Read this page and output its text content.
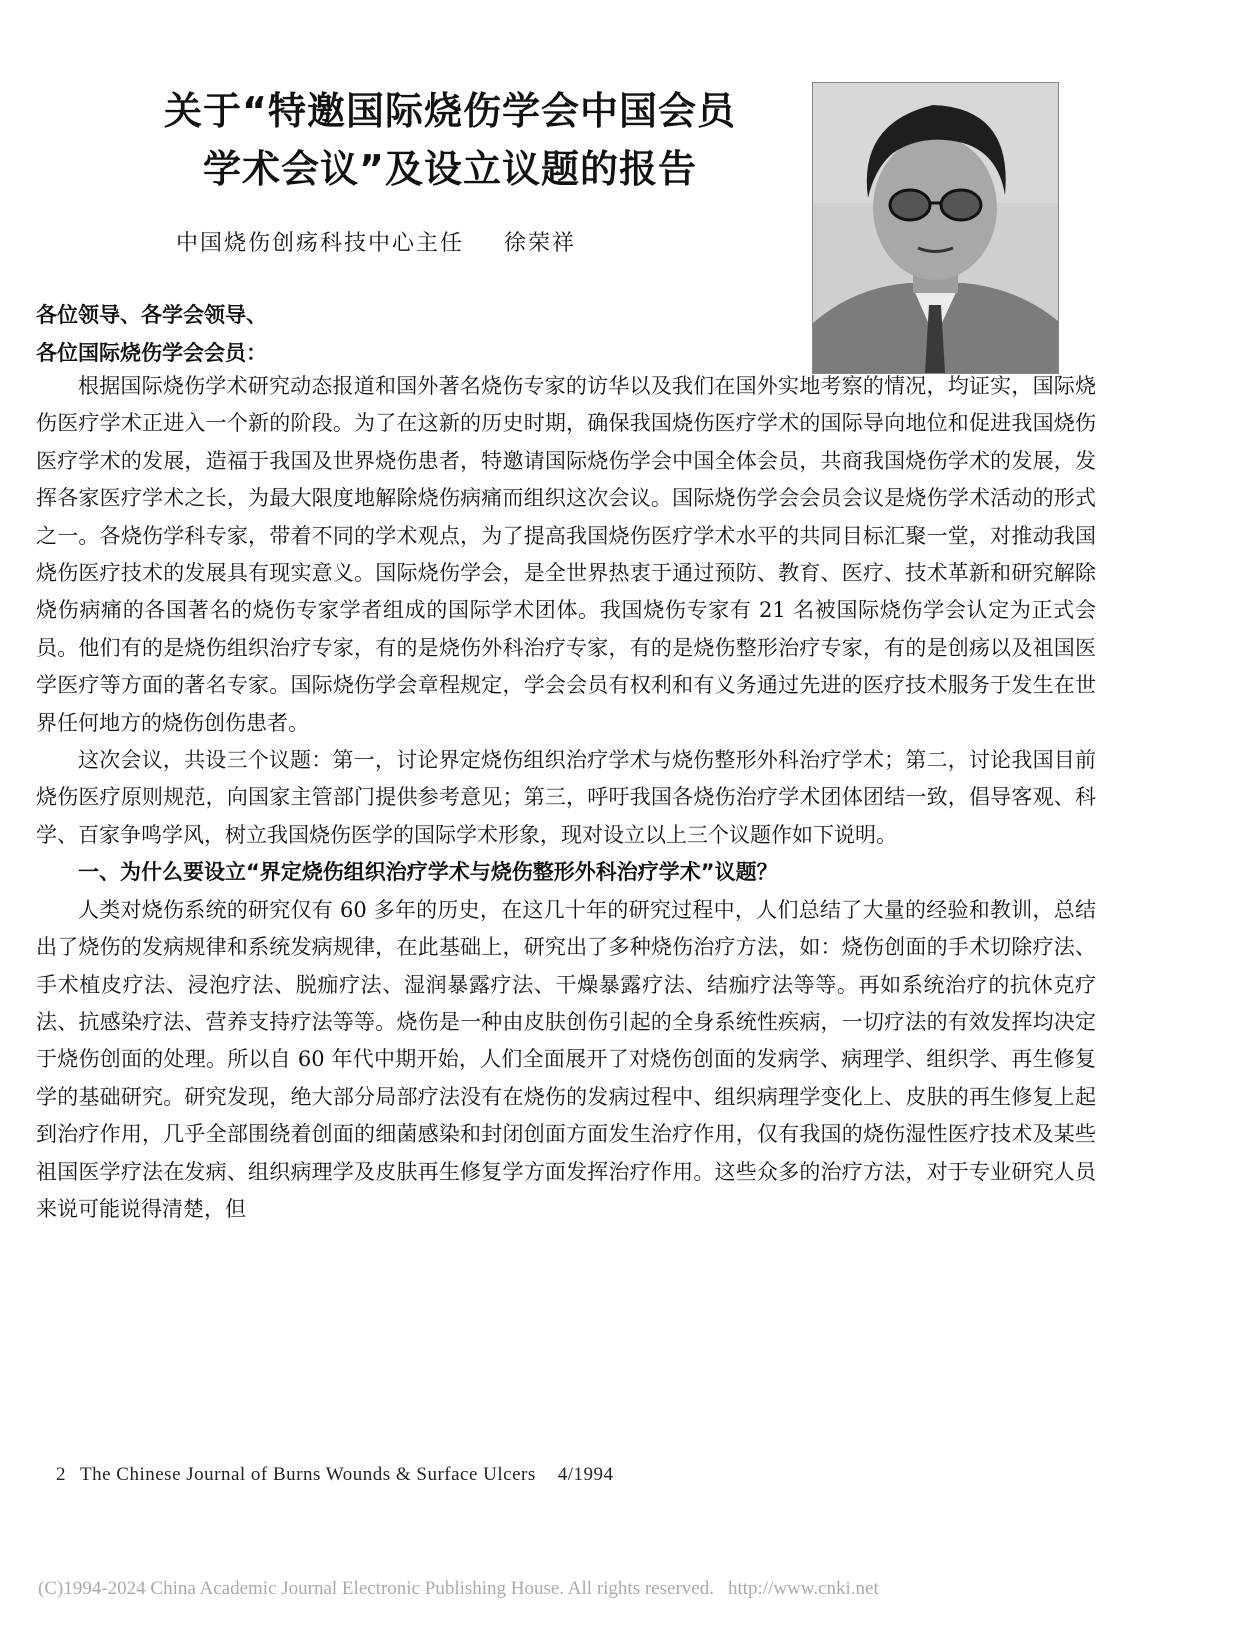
关于“特邀国际烧伤学会中国会员
学术会议”及设立议题的报告
中国烧伤创疡科技中心主任 徐荣祥
各位领导、各学会领导、
各位国际烧伤学会会员：

根据国际烧伤学术研究动态报道和国外著名烧伤专家的访华以及我们在国外实地考察的情况，均证实，国际烧伤医疗学术正进入一个新的阶段。为了在这新的历史时期，确保我国烧伤医疗学术的国际导向地位和促进我国烧伤医疗学术的发展，造福于我国及世界烧伤患者，特邀请国际烧伤学会中国全体会员，共商我国烧伤学术的发展，发挥各家医疗学术之长，为最大限度地解除烧伤病痛而组织这次会议。国际烧伤学会会员会议是烧伤学术活动的形式之一。各烧伤学科专家，带着不同的学术观点，为了提高我国烧伤医疗学术水平的共同目标汇聚一堂，对推动我国烧伤医疗技术的发展具有现实意义。国际烧伤学会，是全世界热衷于通过预防、教育、医疗、技术革新和研究解除烧伤病痛的各国著名的烧伤专家学者组成的国际学术团体。我国烧伤专家有 21 名被国际烧伤学会认定为正式会员。他们有的是烧伤组织治疗专家，有的是烧伤外科治疗专家，有的是烧伤整形治疗专家，有的是创疡以及祖国医学医疗等方面的著名专家。国际烧伤学会章程规定，学会会员有权利和有义务通过先进的医疗技术服务于发生在世界任何地方的烧伤创伤患者。

这次会议，共设三个议题：第一，讨论界定烧伤组织治疗学术与烧伤整形外科治疗学术；第二，讨论我国目前烧伤医疗原则规范，向国家主管部门提供参考意见；第三，呼吁我国各烧伤治疗学术团体团结一致，倡导客观、科学、百家争鸣学风，树立我国烧伤医学的国际学术形象，现对设立以上三个议题作如下说明。

一、为什么要设立“界定烧伤组织治疗学术与烧伤整形外科治疗学术”议题？

人类对烧伤系统的研究仅有 60 多年的历史，在这几十年的研究过程中，人们总结了大量的经验和教训，总结出了烧伤的发病规律和系统发病规律，在此基础上，研究出了多种烧伤治疗方法，如：烧伤创面的手术切除疗法、手术植皮疗法、浸泡疗法、脱痂疗法、湿润暴露疗法、干燥暴露疗法、结痂疗法等等。再如系统治疗的抗休克疗法、抗感染疗法、营养支持疗法等等。烧伤是一种由皮肤创伤引起的全身系统性疾病，一切疗法的有效发挥均决定于烧伤创面的处理。所以自 60 年代中期开始，人们全面展开了对烧伤创面的发病学、病理学、组织学、再生修复学的基础研究。研究发现，绝大部分局部疗法没有在烧伤的发病过程中、组织病理学变化上、皮肤的再生修复上起到治疗作用，几乎全部围绕着创面的细菌感染和封闭创面方面发生治疗作用，仅有我国的烧伤湿性医疗技术及某些祖国医学疗法在发病、组织病理学及皮肤再生修复学方面发挥治疗作用。这些众多的治疗方法，对于专业研究人员来说可能说得清楚，但

2 The Chinese Journal of Burns Wounds & Surface Ulcers 4/1994
(C)1994-2024 China Academic Journal Electronic Publishing House. All rights reserved. http://www.cnki.net
